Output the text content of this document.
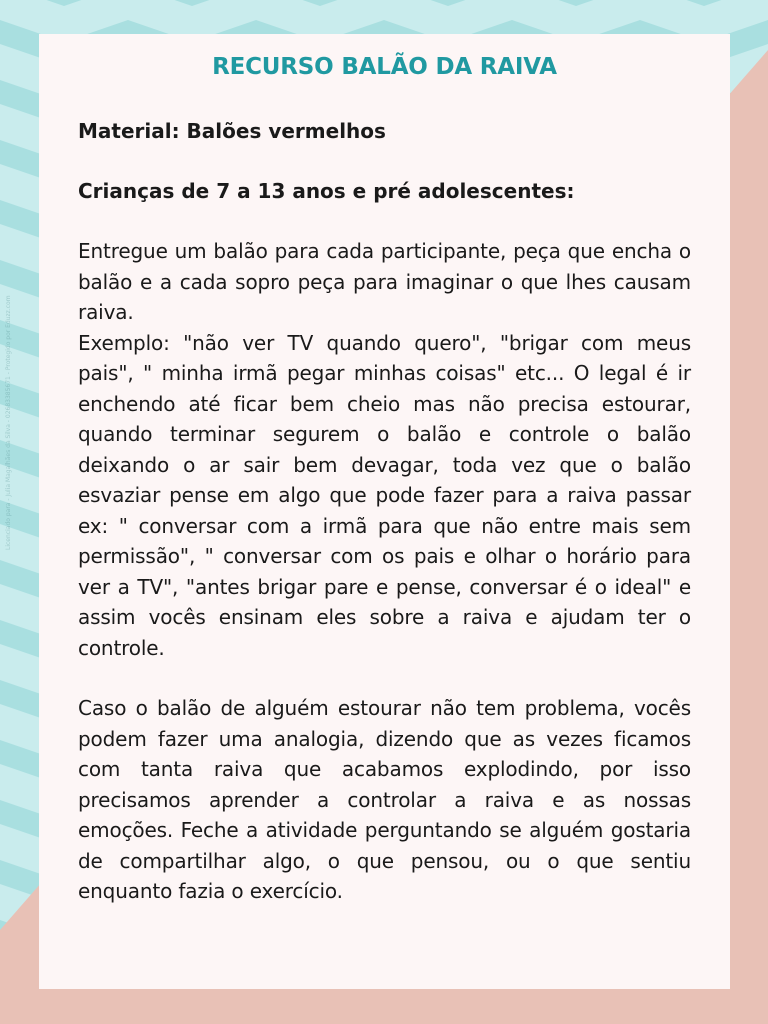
Licenciado para - Julia Magalhães da Silva - 02683385671 - Protegido por Eduzz.com
RECURSO BALÃO DA RAIVA

Material: Balões vermelhos

Crianças de 7 a 13 anos e pré adolescentes:

Entregue um balão para cada participante, peça que encha o balão e a cada sopro peça para imaginar o que lhes causam raiva.

Exemplo: "não ver TV quando quero", "brigar com meus pais", " minha irmã pegar minhas coisas" etc... O legal é ir enchendo até ficar bem cheio mas não precisa estourar, quando terminar segurem o balão e controle o balão deixando o ar sair bem devagar, toda vez que o balão esvaziar pense em algo que pode fazer para a raiva passar ex: " conversar com a irmã para que não entre mais sem permissão", " conversar com os pais e olhar o horário para ver a TV", "antes brigar pare e pense, conversar é o ideal" e assim vocês ensinam eles sobre a raiva e ajudam ter o controle.

Caso o balão de alguém estourar não tem problema, vocês podem fazer uma analogia, dizendo que as vezes ficamos com tanta raiva que acabamos explodindo, por isso precisamos aprender a controlar a raiva e as nossas emoções. Feche a atividade perguntando se alguém gostaria de compartilhar algo, o que pensou, ou o que sentiu enquanto fazia o exercício.
